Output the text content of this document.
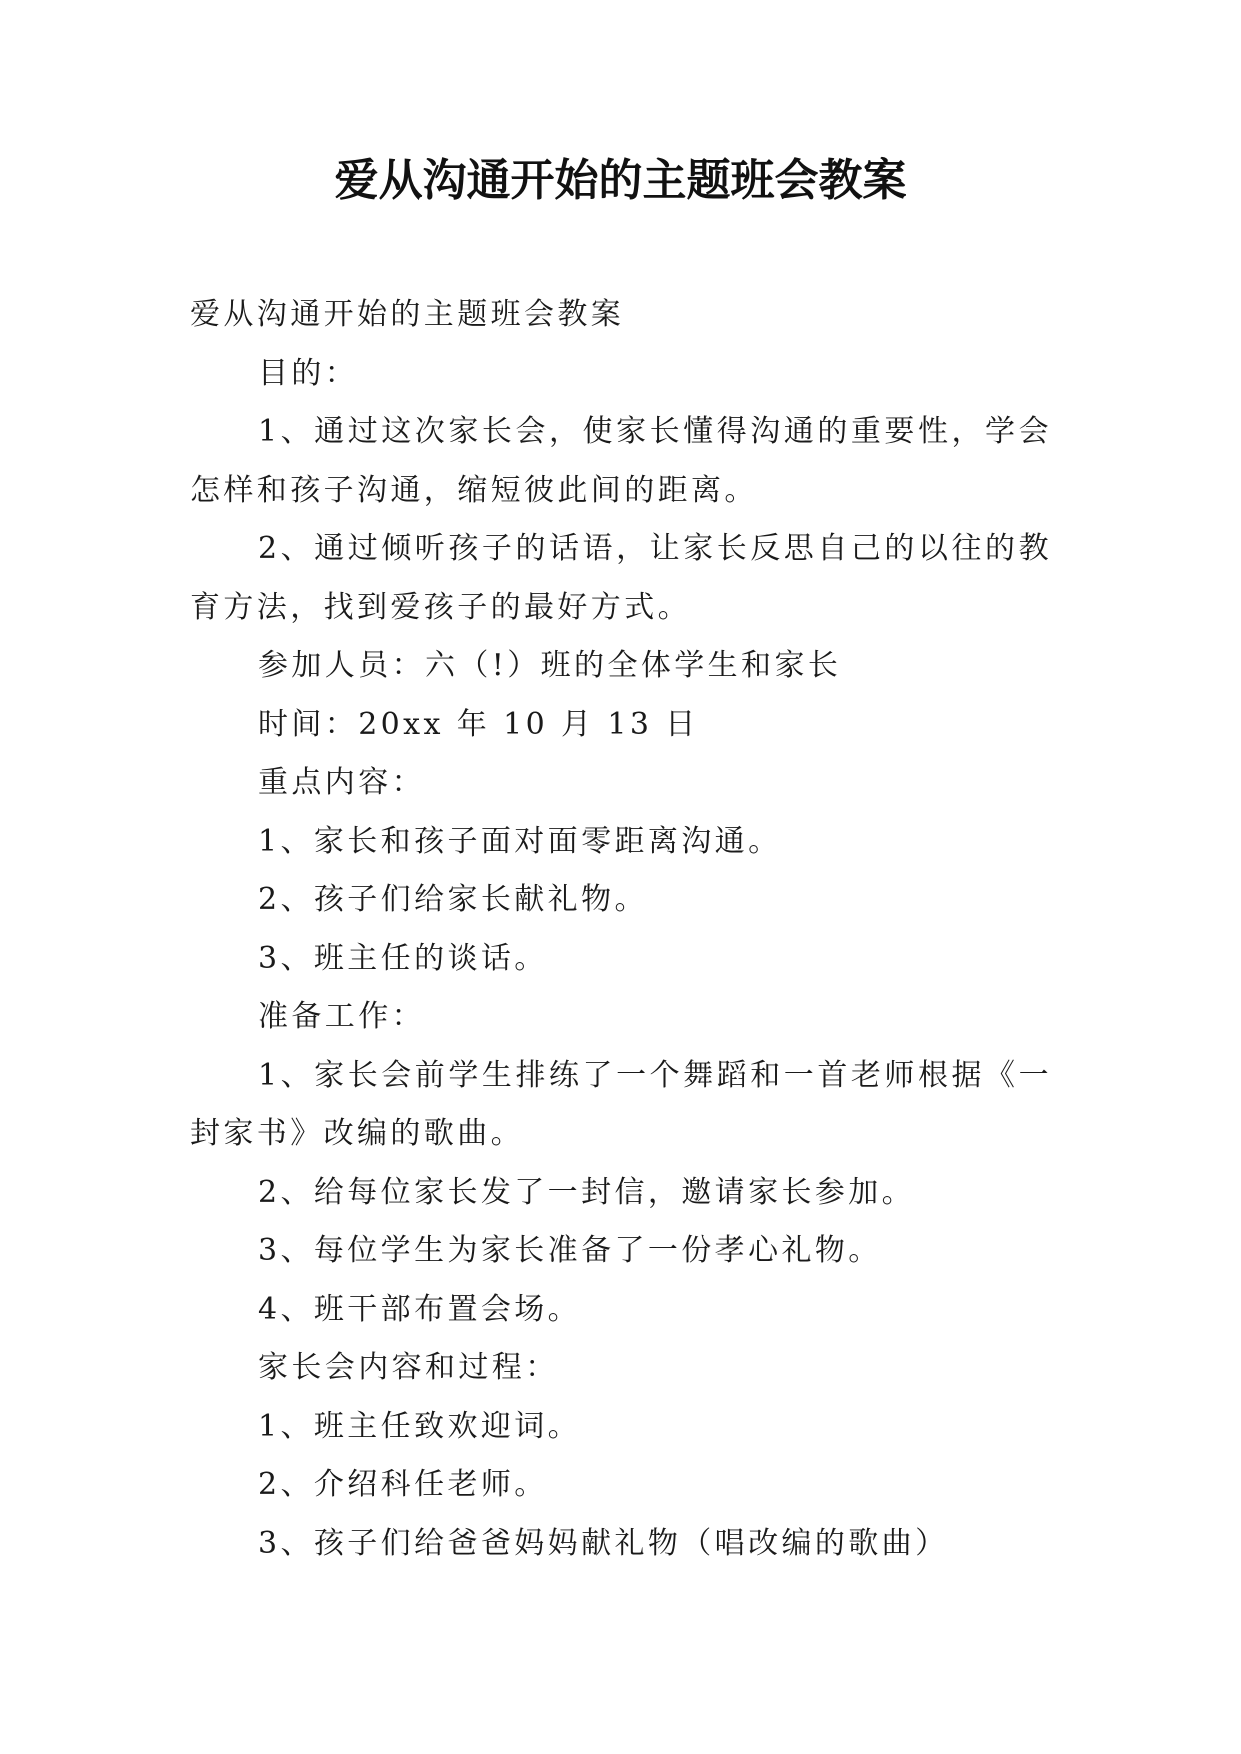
爱从沟通开始的主题班会教案

爱从沟通开始的主题班会教案

目的：

1、通过这次家长会，使家长懂得沟通的重要性，学会怎样和孩子沟通，缩短彼此间的距离。

2、通过倾听孩子的话语，让家长反思自己的以往的教育方法，找到爱孩子的最好方式。

参加人员：六（!）班的全体学生和家长

时间：20xx 年 10 月 13 日

重点内容：

1、家长和孩子面对面零距离沟通。

2、孩子们给家长献礼物。

3、班主任的谈话。

准备工作：

1、家长会前学生排练了一个舞蹈和一首老师根据《一封家书》改编的歌曲。

2、给每位家长发了一封信，邀请家长参加。

3、每位学生为家长准备了一份孝心礼物。

4、班干部布置会场。

家长会内容和过程：

1、班主任致欢迎词。

2、介绍科任老师。

3、孩子们给爸爸妈妈献礼物（唱改编的歌曲）
